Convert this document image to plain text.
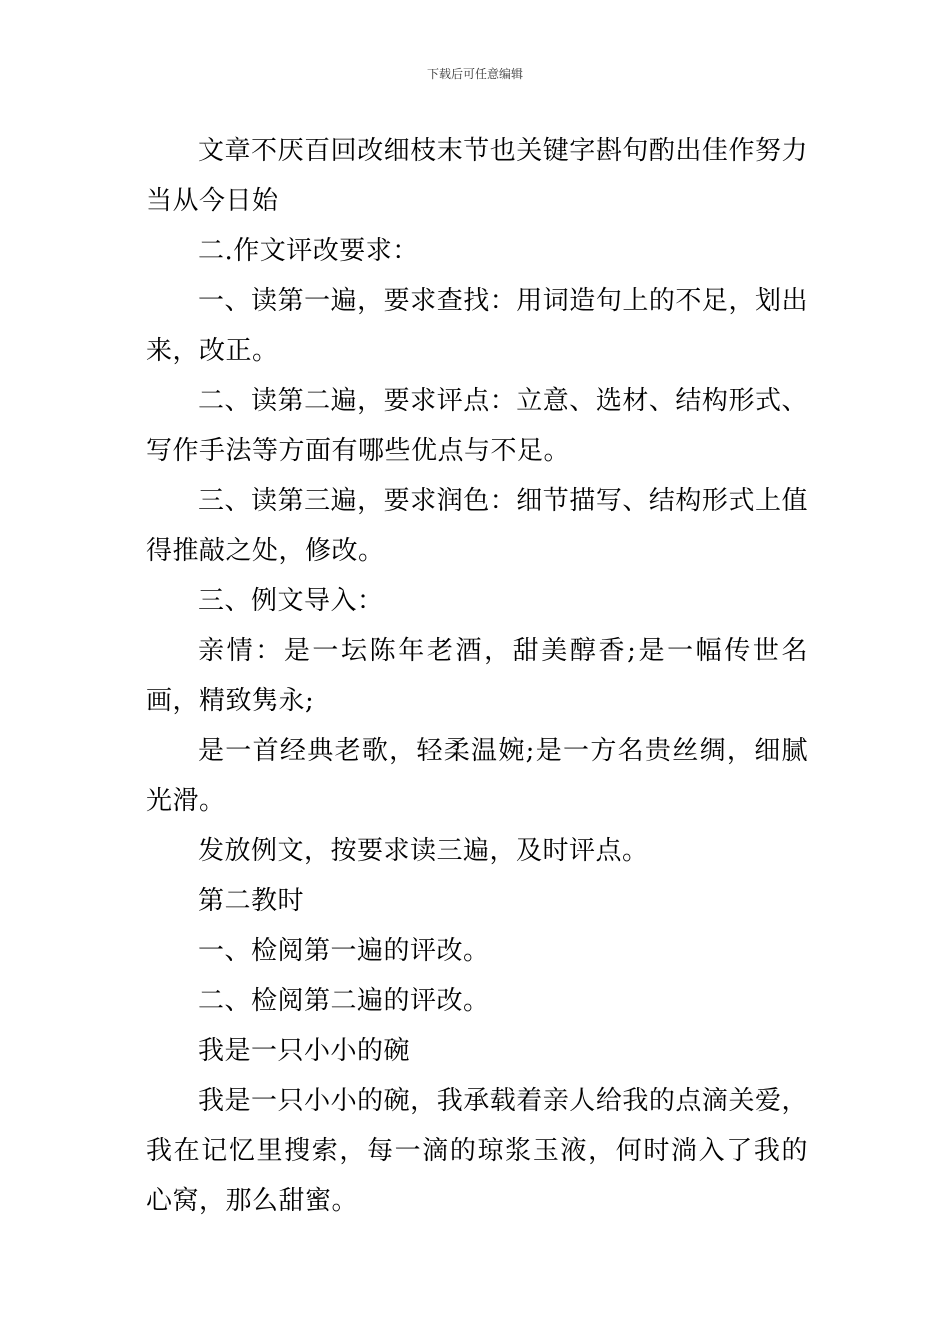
下载后可任意编辑

文章不厌百回改细枝末节也关键字斟句酌出佳作努力当从今日始

二.作文评改要求：

一、读第一遍，要求查找：用词造句上的不足，划出来，改正。

二、读第二遍，要求评点：立意、选材、结构形式、写作手法等方面有哪些优点与不足。

三、读第三遍，要求润色：细节描写、结构形式上值得推敲之处，修改。

三、例文导入：

亲情：是一坛陈年老酒，甜美醇香;是一幅传世名画，精致隽永;

是一首经典老歌，轻柔温婉;是一方名贵丝绸，细腻光滑。

发放例文，按要求读三遍，及时评点。

第二教时

一、检阅第一遍的评改。

二、检阅第二遍的评改。

我是一只小小的碗

我是一只小小的碗，我承载着亲人给我的点滴关爱，我在记忆里搜索，每一滴的琼浆玉液，何时淌入了我的心窝，那么甜蜜。
